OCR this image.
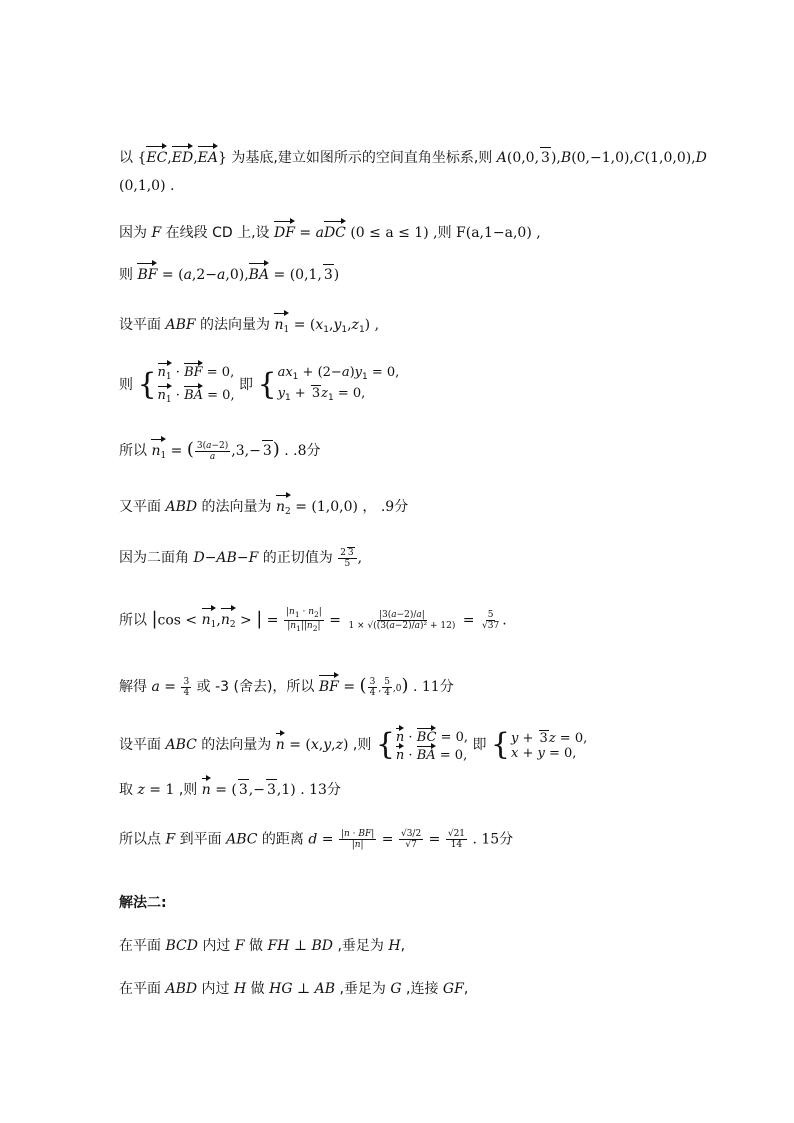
以 {EC,ED,EA} 为基底,建立如图所示的空间直角坐标系,则 A(0,0, 3),B(0,−1,0),C(1,0,0),D
(0,1,0) .
因为 F 在线段 CD 上,设 DF = aDC (0 ≤ a ≤ 1) ,则 F(a,1−a,0) ,
则 BF = (a,2−a,0),BA = (0,1, 3)
设平面 ABF 的法向量为 $n_1 = (x_1,y_1,z_1)$ ,
则 { $n_1$ · BF = 0,
$n_1$ · BA = 0,
即 { $ax_1 + (2-a)y_1 = 0$,
$y_1 + 3z_1 = 0$,
所以 $n_1$ = ( $\frac{3(a-2)}{a} ,3,- 3$) . .8分
又平面 ABD 的法向量为 $n_2 = (1,0,0)$ ， .9分
因为二面角 D−AB−F 的正切值为 $\frac{2 3}{5}$ ,
所以 $|\cos < n_1,n_2$ > | = $\frac{|n_1 \cdot n_2|}{|n_1||n_2|} = \frac{|3(a-2)/a|}{\text{1 × √((3(a−2)/a)² + 12)}} = \frac{5}{√37}$ .
解得 $a = \frac{3}{4}$ 或 -3 (舍去)，所以 BF = ( $\frac{3}{4}$ , $\frac{5}{4} ,0$) . 11分
设平面 ABC 的法向量为 n = (x,y,z) ,则 { n · BC = 0,
n · BA = 0,
即 { y + 3z = 0,
x + y = 0,
取 z = 1 ,则 n = ( 3,− 3,1) . 13分
所以点 F 到平面 ABC 的距离 $d = \frac{|n \cdot BF|}{|n|} = \frac{√3/2}{√7} = \frac{√21}{14}$ . 15分
解法二:
在平面 BCD 内过 F 做 FH ⊥ BD ,垂足为 H,
在平面 ABD 内过 H 做 HG ⊥ AB ,垂足为 G ,连接 GF,
